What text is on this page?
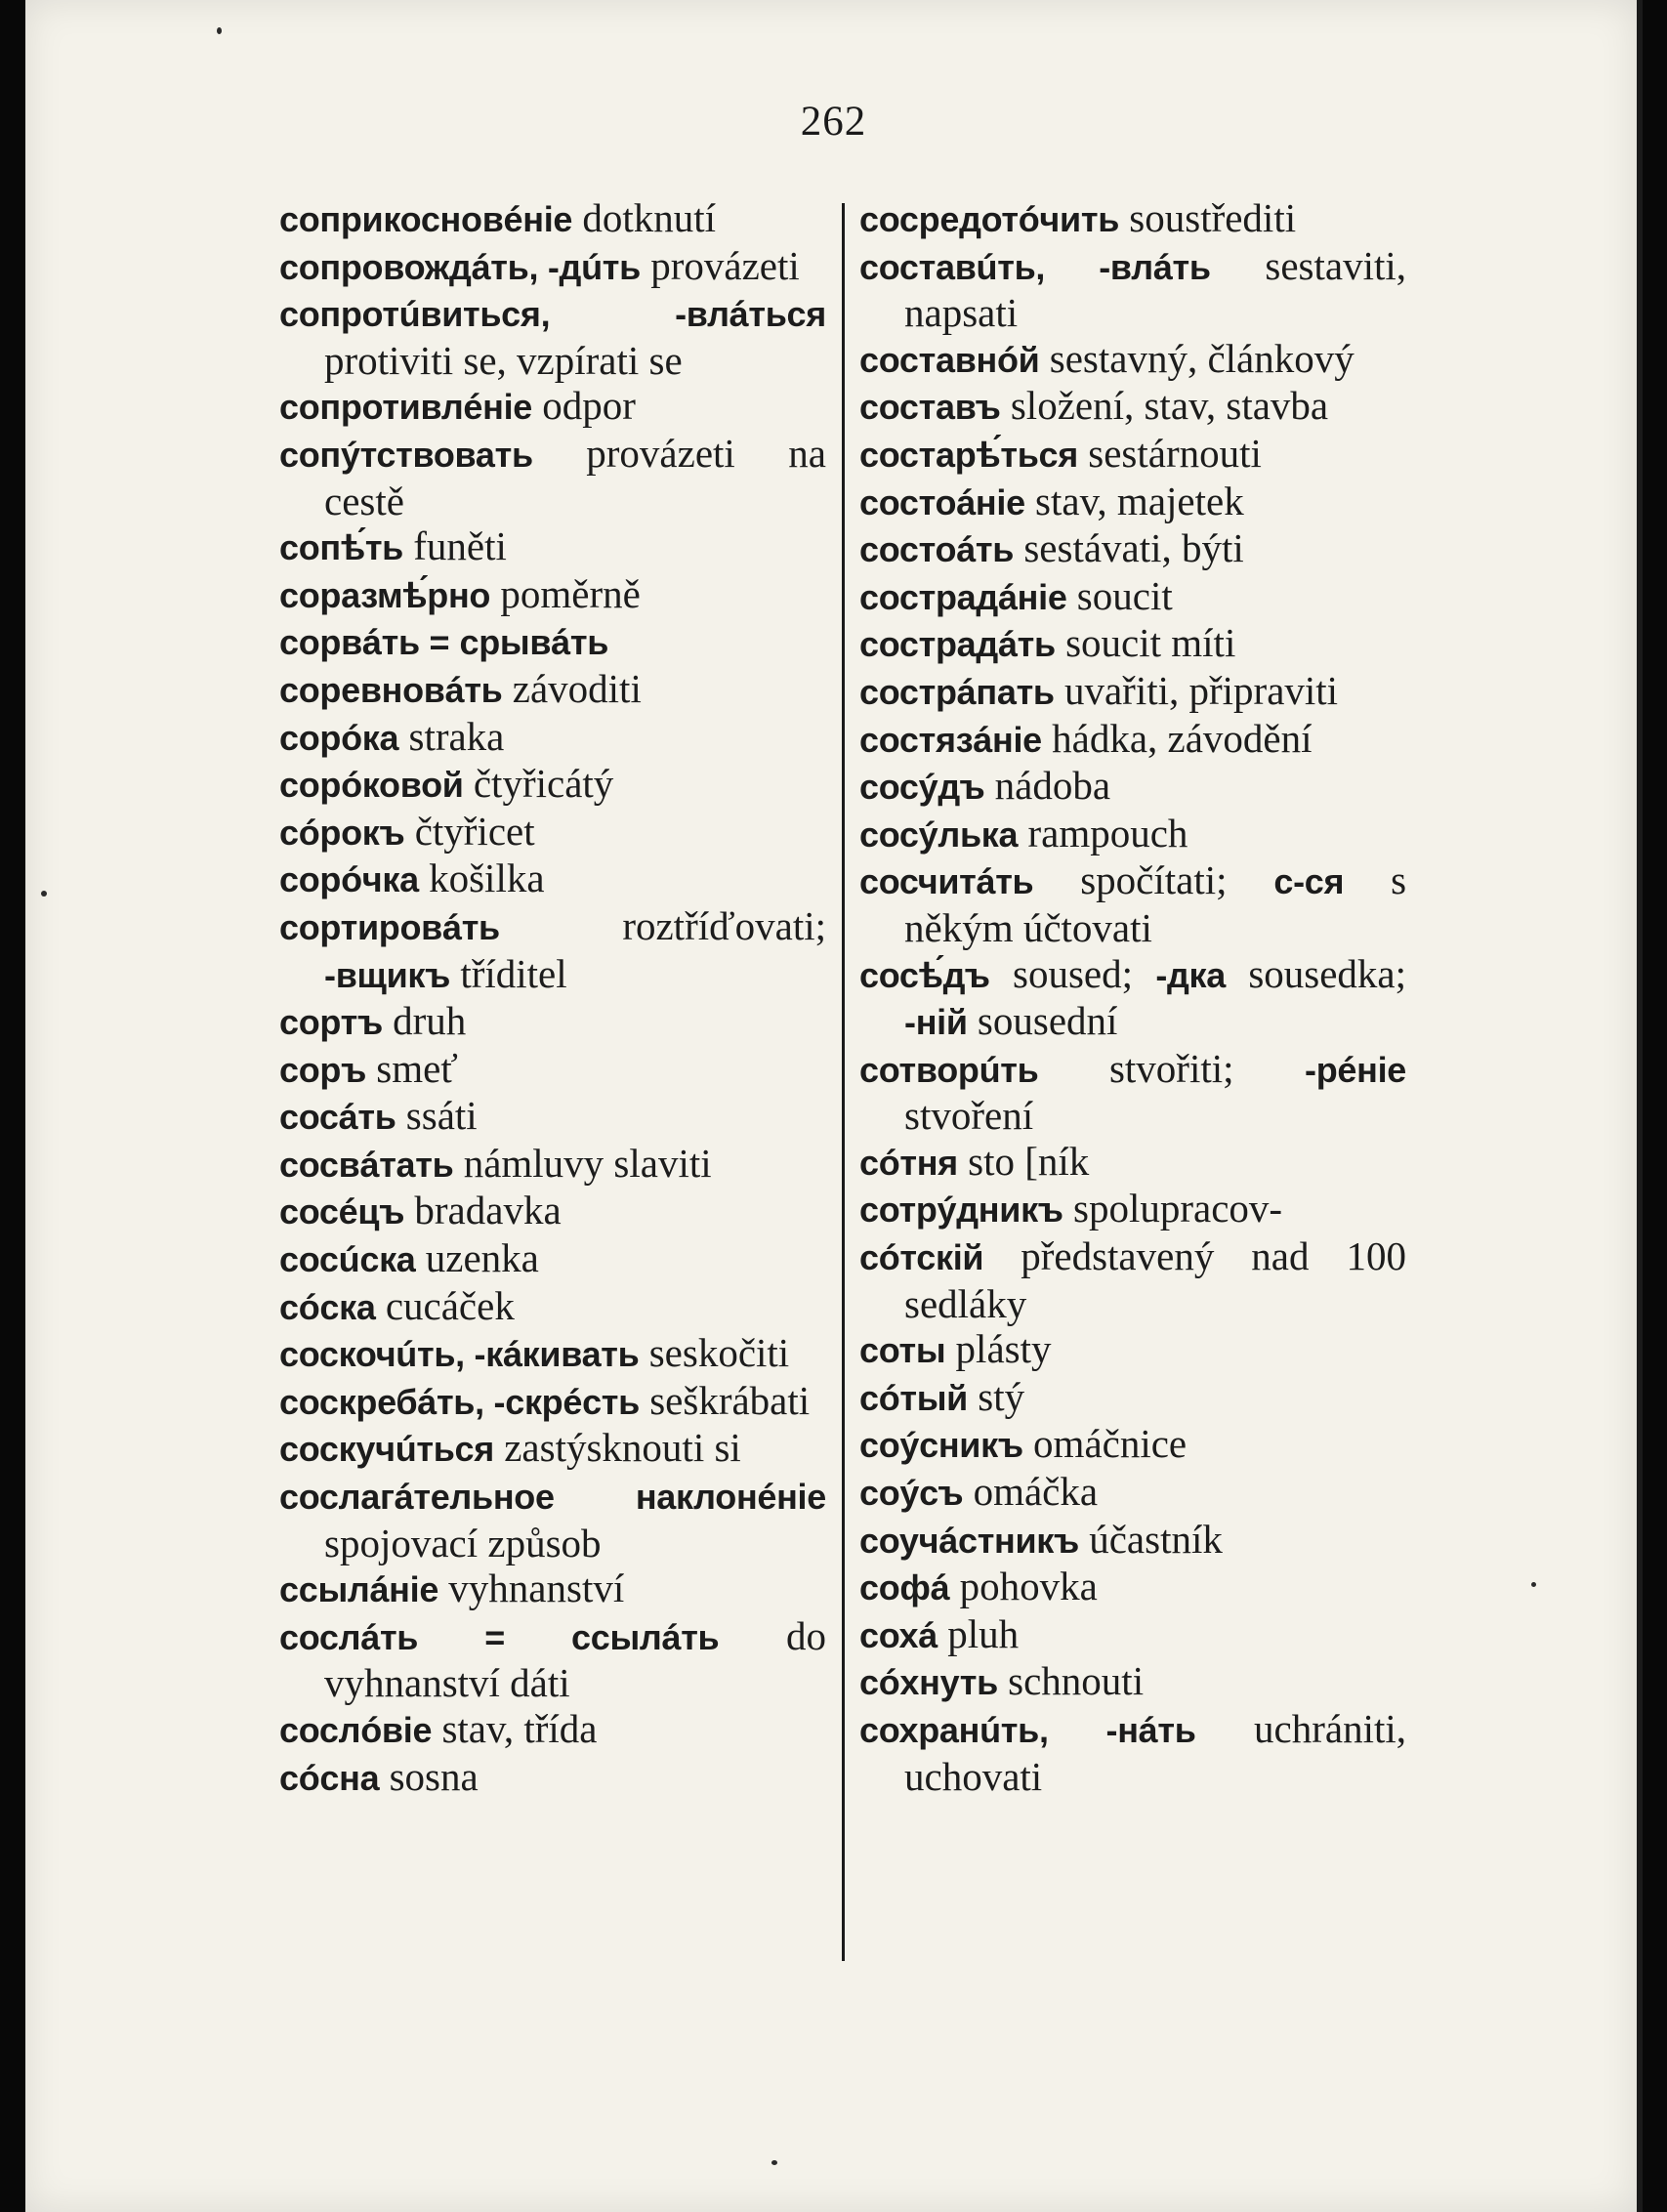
262

соприкосновéнiе dotknutí

сопровождáть, -дúть provázeti

сопротúвиться, -влáться protiviti se, vzpírati se

сопротивлéнiе odpor

сопýтствовать provázeti na cestě

сопѣ́ть funěti

соразмѣ́рно poměrně

сорвáть = срывáть

соревновáть závoditi

сорóка straka

сорóковой čtyřicátý

сóрокъ čtyřicet

сорóчка košilka

сортировáть	roztříďovati; -вщикъ tříditel

сортъ druh

соръ smeť

сосáть ssáti

сосвáтать námluvy slaviti

сосéцъ bradavka

сосúска uzenka

сóска cucáček

соскочúть, -кáкивать seskočiti

соскребáть, -скрéсть seškrábati

соскучúться zastýsknouti si

сослагáтельное наклонéнiе spojovací způsob

ссылáнiе vyhnanství

сослáть = ссылáть do vyhnanství dáti

сослóвiе stav, třída

сóсна sosna

сосредотóчить soustřediti

составúть, -влáть sestaviti, napsati

составнóй sestavný, článkový

составъ složení, stav, stavba

состарѣ́ться sestárnouti

состоáнiе stav, majetek

состоáть sestávati, býti

сострадáнiе soucit

сострадáть soucit míti

сострáпать uvařiti, připraviti

состязáнiе hádka, závodění

сосýдъ nádoba

сосýлька rampouch

сосчитáть spočítati; с-ся s někým účtovati

сосѣ́дъ soused; -дка sousedka; -нiй sousední

сотворúть stvořiti; -рéнiе stvoření

сóтня sto [ník

сотрýдникъ spolupracov-

сóтскiй představený nad 100 sedláky

соты plásty

сóтый stý

соýсникъ omáčnice

соýсъ omáčka

соучáстникъ účastník

софá pohovka

сохá pluh

сóхнуть schnouti

сохранúть, -нáть uchrániti, uchovati
